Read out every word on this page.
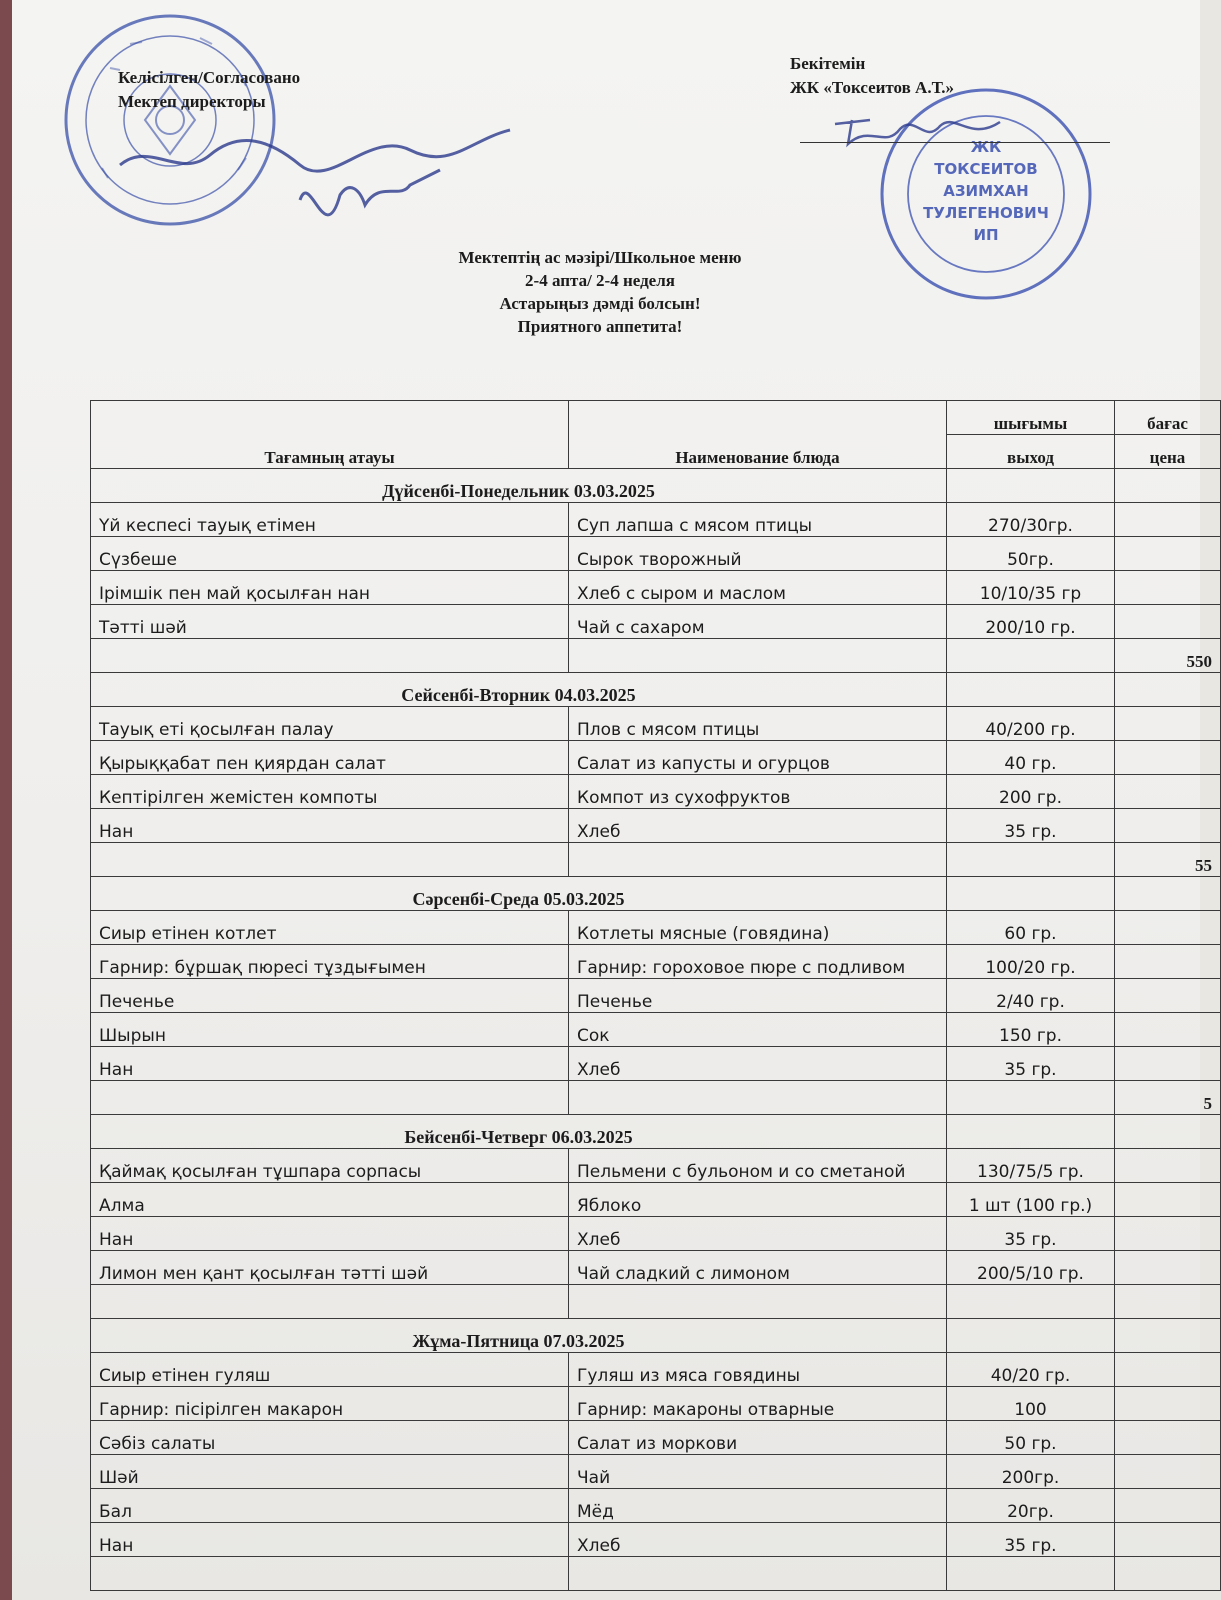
ЖК
ТОКСЕИТОВ
АЗИМХАН
ТУЛЕГЕНОВИЧ
ИП
Келісілген/Согласовано
Мектеп директоры
Бекітемін
ЖК «Токсеитов А.Т.»
Мектептің ас мәзірі/Школьное меню
2-4 апта/ 2-4 неделя
Астарыңыз дәмді болсын!
Приятного аппетита!
Тағамның атауы	Наименование блюда	шығымы	бағас
		выход	цена
Дүйсенбі-Понедельник 03.03.2025			
Үй кеспесі тауық етімен	Суп лапша с мясом птицы	270/30гр.	
Сүзбеше	Сырок творожный	50гр.	
Ірімшік пен май қосылған нан	Хлеб с сыром и маслом	10/10/35 гр	
Тәтті шәй	Чай с сахаром	200/10 гр.	
			550
Сейсенбі-Вторник 04.03.2025			
Тауық еті қосылған палау	Плов с мясом птицы	40/200 гр.	
Қырыққабат пен қиярдан салат	Салат из капусты и огурцов	40 гр.	
Кептірілген жемістен компоты	Компот из сухофруктов	200 гр.	
Нан	Хлеб	35 гр.	
			55
Сәрсенбі-Среда 05.03.2025			
Сиыр етінен котлет	Котлеты мясные (говядина)	60 гр.	
Гарнир: бұршақ пюресі тұздығымен	Гарнир: гороховое пюре с подливом	100/20 гр.	
Печенье	Печенье	2/40 гр.	
Шырын	Сок	150 гр.	
Нан	Хлеб	35 гр.	
			5
Бейсенбі-Четверг 06.03.2025			
Қаймақ қосылған тұшпара сорпасы	Пельмени с бульоном и со сметаной	130/75/5 гр.	
Алма	Яблоко	1 шт (100 гр.)	
Нан	Хлеб	35 гр.	
Лимон мен қант қосылған тәтті шәй	Чай сладкий с лимоном	200/5/10 гр.	

Жұма-Пятница 07.03.2025			
Сиыр етінен гуляш	Гуляш из мяса говядины	40/20 гр.	
Гарнир: пісірілген макарон	Гарнир: макароны отварные	100	
Сәбіз салаты	Салат из моркови	50 гр.	
Шәй	Чай	200гр.	
Бал	Мёд	20гр.	
Нан	Хлеб	35 гр.	
